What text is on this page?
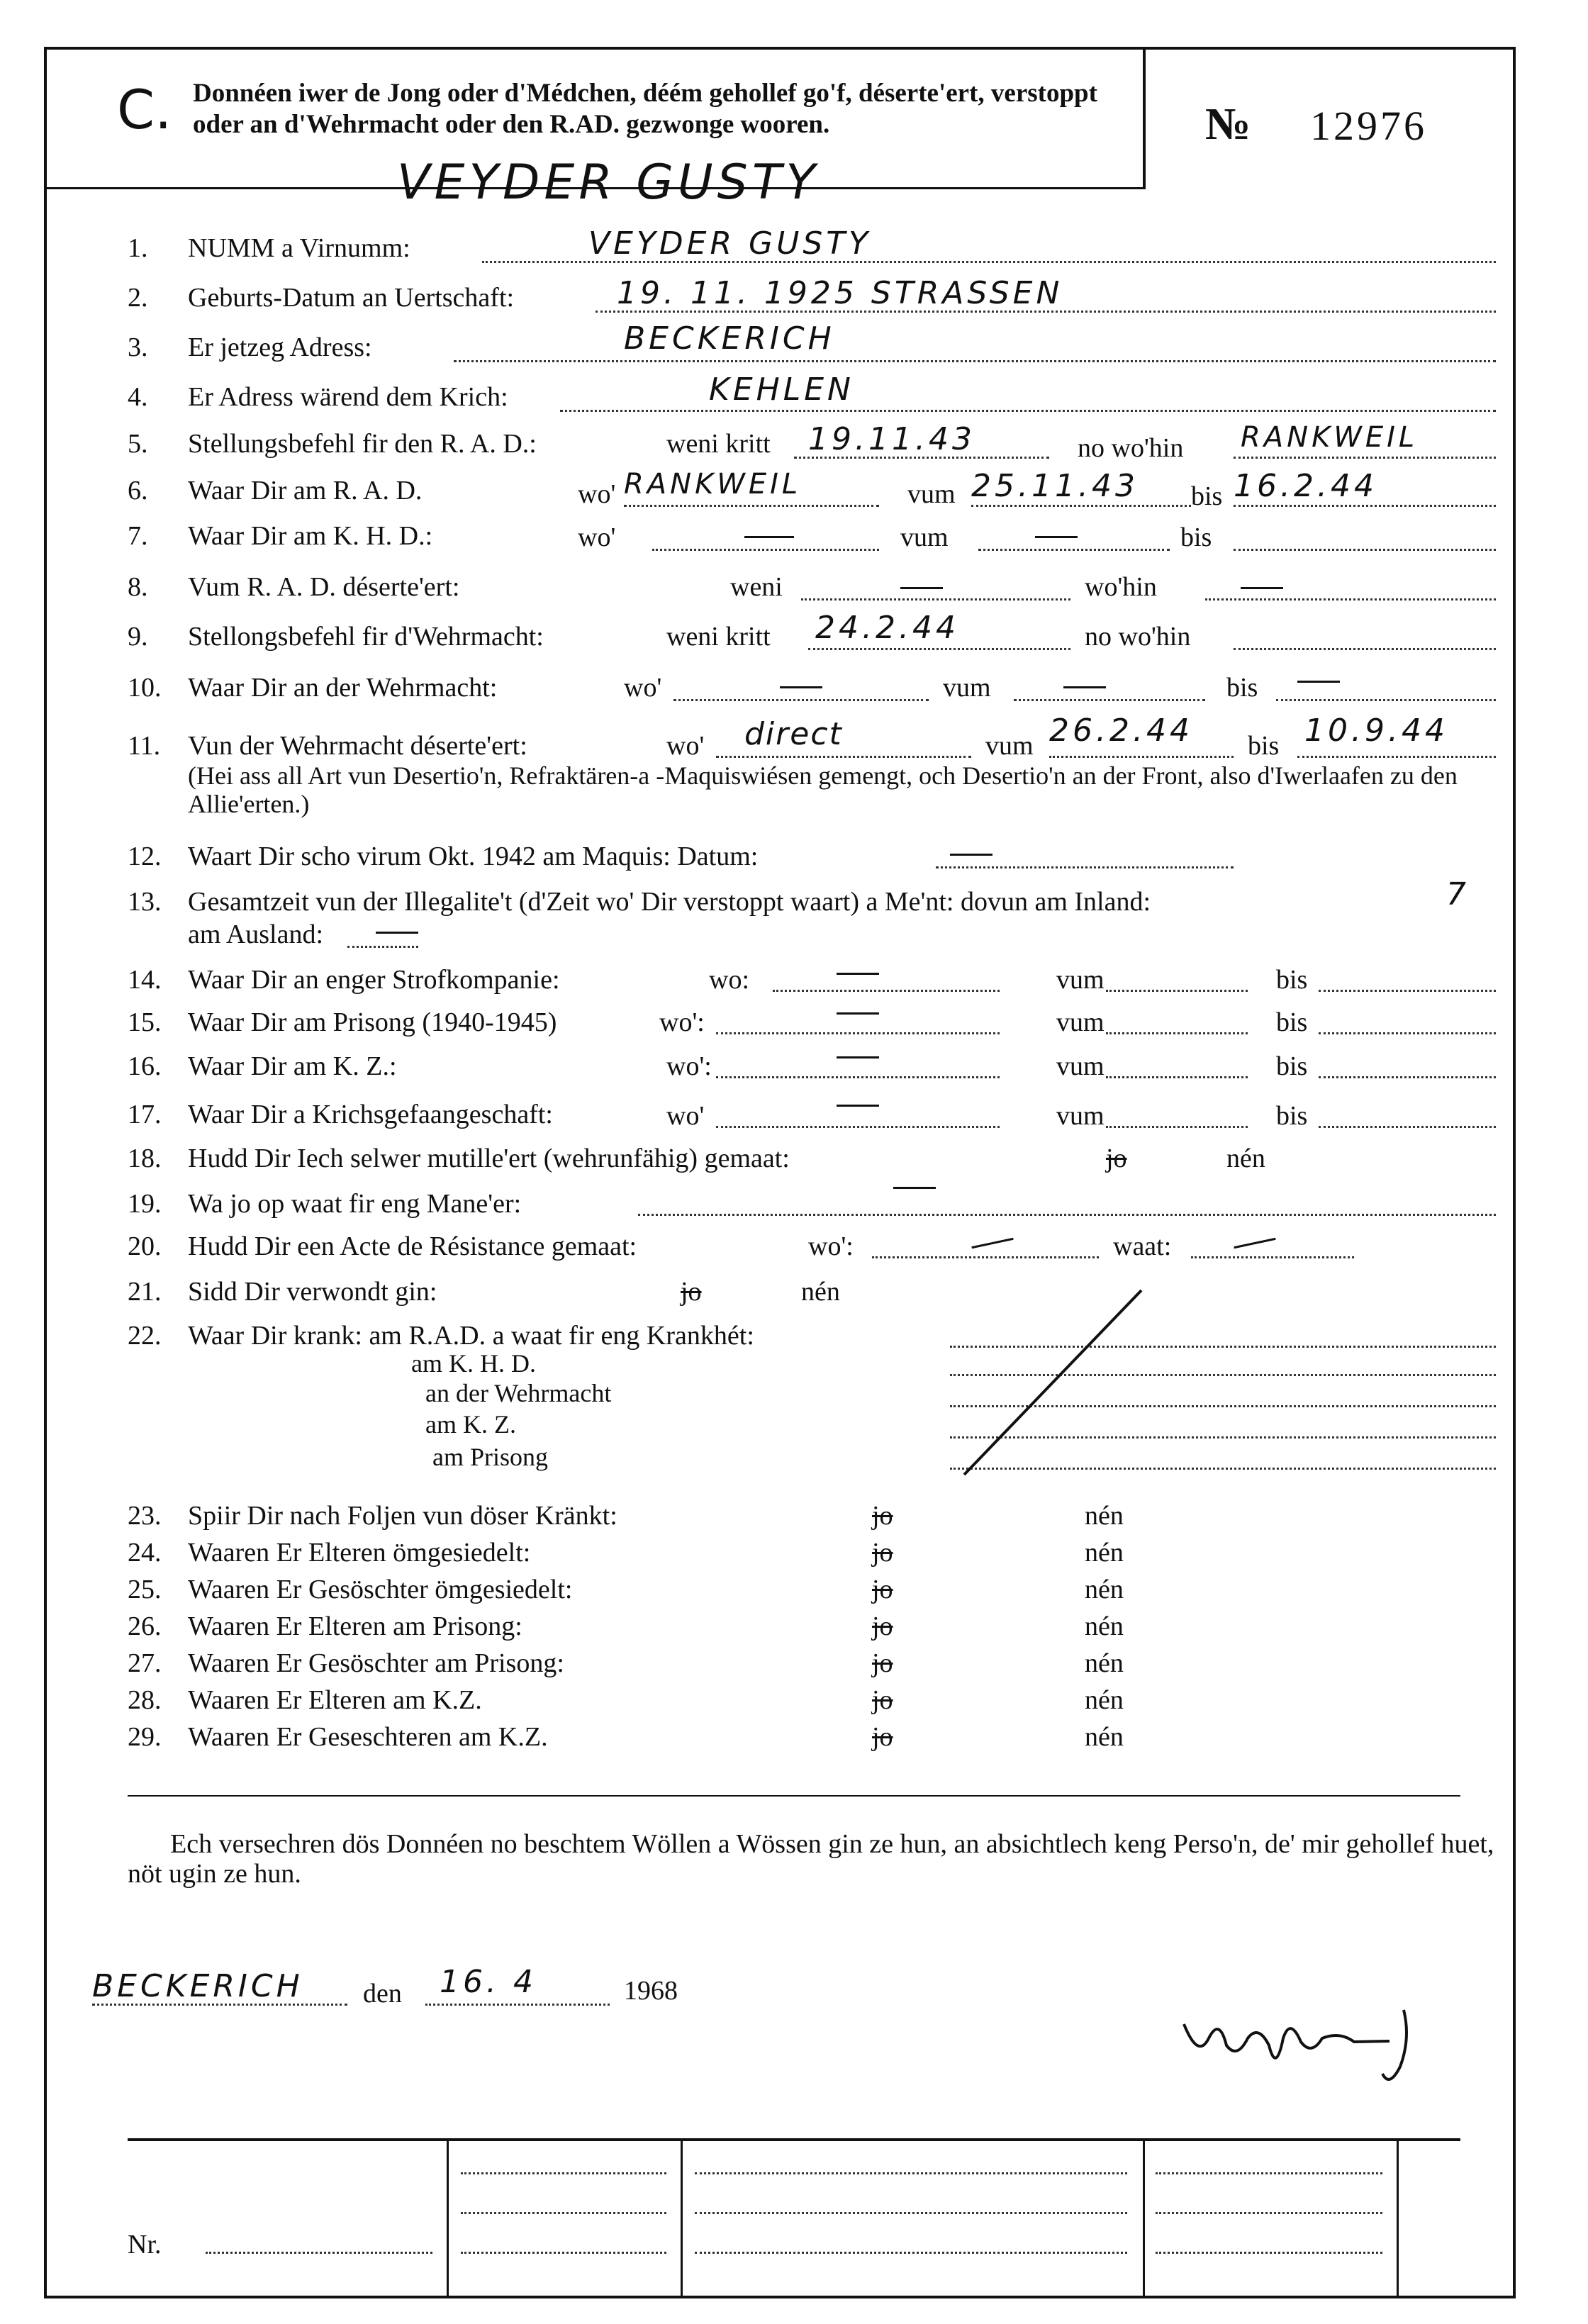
C. Donnéen iwer de Jong oder d'Médchen, déém gehollef go'f, déserte'ert, verstoppt oder an d'Wehrmacht oder den R.AD. gezwonge wooren.	№ 12976
VEYDER GUSTY
1. NUMM a Virnumm:	VEYDER GUSTY
2. Geburts-Datum an Uertschaft:	19. 11. 1925 STRASSEN
3. Er jetzeg Adress:	BECKERICH
4. Er Adress wärend dem Krich:	KEHLEN
5. Stellungsbefehl fir den R. A. D.:	weni kritt 19.11.43	no wo'hin RANKWEIL
6. Waar Dir am R. A. D.	wo' RANKWEIL	vum 25.11.43 bis 16.2.44
7. Waar Dir am K. H. D.:	wo'	vum	bis
8. Vum R. A. D. déserte'ert:	weni	wo'hin
9. Stellongsbefehl fir d'Wehrmacht:	weni kritt 24.2.44	no wo'hin
10. Waar Dir an der Wehrmacht:	wo'	vum	bis
11. Vun der Wehrmacht déserte'ert:	wo' direct	vum 26.2.44 bis 10.9.44
(Hei ass all Art vun Desertio'n, Refraktären-a -Maquiswiésen gemengt, och Desertio'n an der Front, also d'Iwerlaafen zu den Allie'erten.)
12. Waart Dir scho virum Okt. 1942 am Maquis: Datum:
13. Gesamtzeit vun der Illegalite't (d'Zeit wo' Dir verstoppt waart) a Me'nt: dovun am Inland:	7
am Ausland:
14. Waar Dir an enger Strofkompanie:	wo:	vum	bis
15. Waar Dir am Prisong (1940-1945)	wo':	vum	bis
16. Waar Dir am K. Z.:	wo':	vum	bis
17. Waar Dir a Krichsgefaangeschaft:	wo'	vum	bis
18. Hudd Dir Iech selwer mutille'ert (wehrunfähig) gemaat:	jo	nén
19. Wa jo op waat fir eng Mane'er:
20. Hudd Dir een Acte de Résistance gemaat:	wo':	waat:
21. Sidd Dir verwondt gin:	jo	nén
22. Waar Dir krank: am R.A.D. a waat fir eng Krankhét:
am K. H. D.
an der Wehrmacht
am K. Z.
am Prisong
23. Spiir Dir nach Foljen vun döser Kränkt:	jo	nén
24. Waaren Er Elteren ömgesiedelt:	jo	nén
25. Waaren Er Gesöschter ömgesiedelt:	jo	nén
26. Waaren Er Elteren am Prisong:	jo	nén
27. Waaren Er Gesöschter am Prisong:	jo	nén
28. Waaren Er Elteren am K.Z.	jo	nén
29. Waaren Er Geseschteren am K.Z.	jo	nén
Ech versechren dös Donnéen no beschtem Wöllen a Wössen gin ze hun, an absichtlech keng Perso'n, de' mir gehollef huet, nöt ugin ze hun.
BECKERICH den 16. 4	1968
Nr.
